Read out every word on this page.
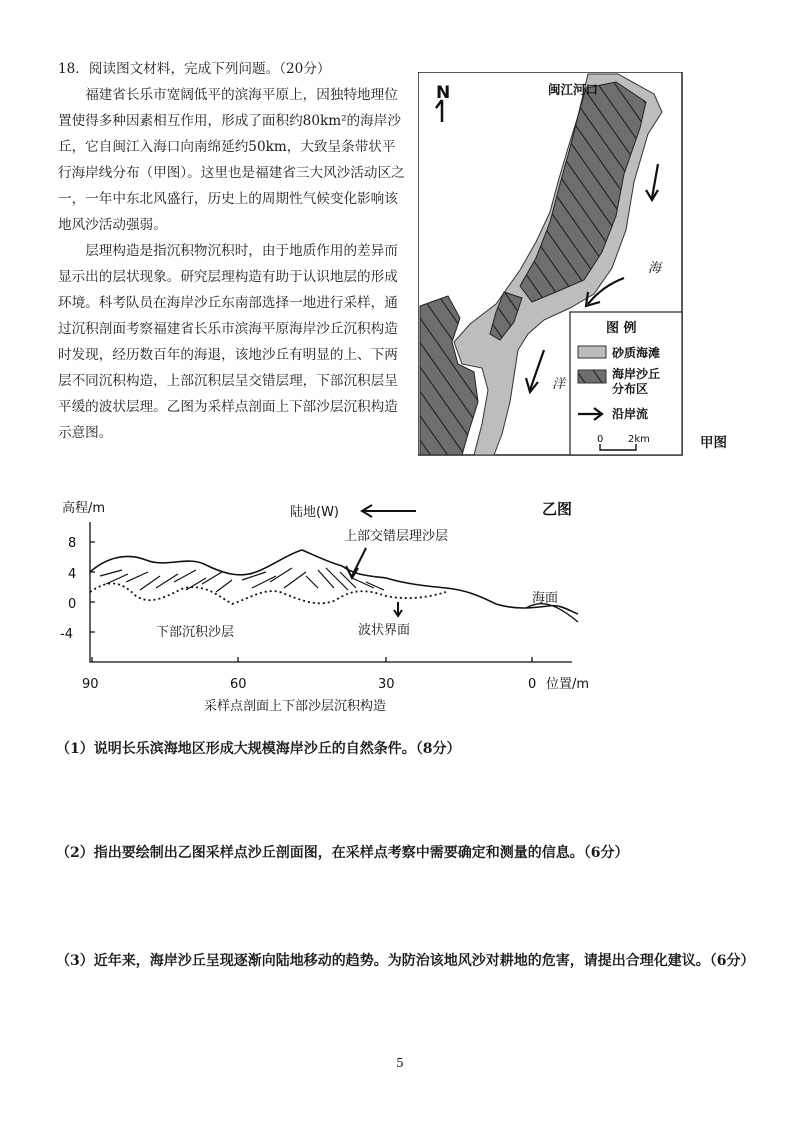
18．阅读图文材料，完成下列问题。（20分）

福建省长乐市宽阔低平的滨海平原上，因独特地理位置使得多种因素相互作用，形成了面积约80km²的海岸沙丘，它自闽江入海口向南绵延约50km，大致呈条带状平行海岸线分布（甲图）。这里也是福建省三大风沙活动区之一，一年中东北风盛行，历史上的周期性气候变化影响该地风沙活动强弱。

层理构造是指沉积物沉积时，由于地质作用的差异而显示出的层状现象。研究层理构造有助于认识地层的形成环境。科考队员在海岸沙丘东南部选择一地进行采样，通过沉积剖面考察福建省长乐市滨海平原海岸沙丘沉积构造时发现，经历数百年的海退，该地沙丘有明显的上、下两层不同沉积构造，上部沉积层呈交错层理，下部沉积层呈平缓的波状层理。乙图为采样点剖面上下部沙层沉积构造示意图。

N	闽江河口
海
洋
图 例
砂质海滩
海岸沙丘
分布区
沿岸流
0 2km	甲图
高程/m	陆地(W)	乙图
8
4
0
-4
上部交错层理沙层
下部沉积沙层	波状界面
海面
90	60	30	0 位置/m
采样点剖面上下部沙层沉积构造
（1）说明长乐滨海地区形成大规模海岸沙丘的自然条件。（8分）
（2）指出要绘制出乙图采样点沙丘剖面图，在采样点考察中需要确定和测量的信息。（6分）
（3）近年来，海岸沙丘呈现逐渐向陆地移动的趋势。为防治该地风沙对耕地的危害，请提出合理化建议。（6分）
5
